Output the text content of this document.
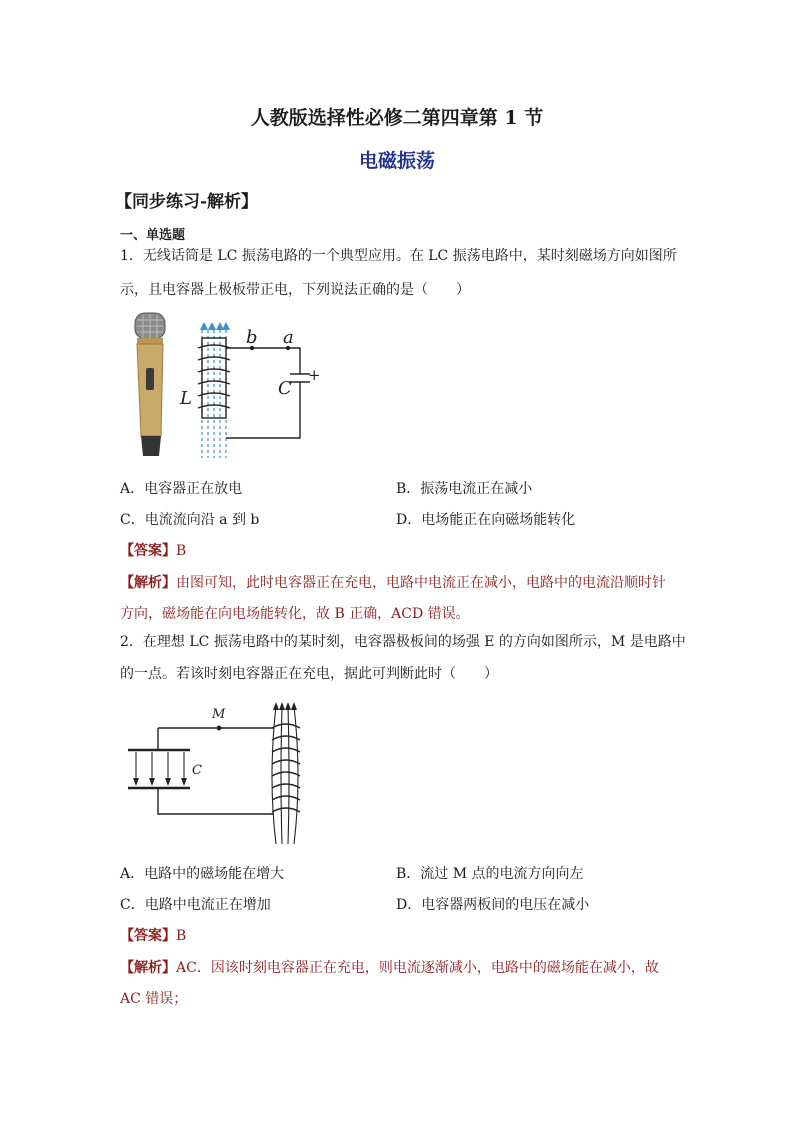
人教版选择性必修二第四章第 1 节
电磁振荡
【同步练习-解析】
一、单选题
1．无线话筒是 LC 振荡电路的一个典型应用。在 LC 振荡电路中，某时刻磁场方向如图所
示，且电容器上极板带正电，下列说法正确的是（　　）
b a
C
+
L
A．电容器正在放电	B．振荡电流正在减小
C．电流流向沿 a 到 b	D．电场能正在向磁场能转化
【答案】B
【解析】由图可知，此时电容器正在充电，电路中电流正在减小，电路中的电流沿顺时针
方向，磁场能在向电场能转化，故 B 正确，ACD 错误。
2．在理想 LC 振荡电路中的某时刻，电容器极板间的场强 E 的方向如图所示，M 是电路中
的一点。若该时刻电容器正在充电，据此可判断此时（　　）
M
C
A．电路中的磁场能在增大	B．流过 M 点的电流方向向左
C．电路中电流正在增加	D．电容器两板间的电压在减小
【答案】B
【解析】AC．因该时刻电容器正在充电，则电流逐渐减小，电路中的磁场能在减小，故
AC 错误；
